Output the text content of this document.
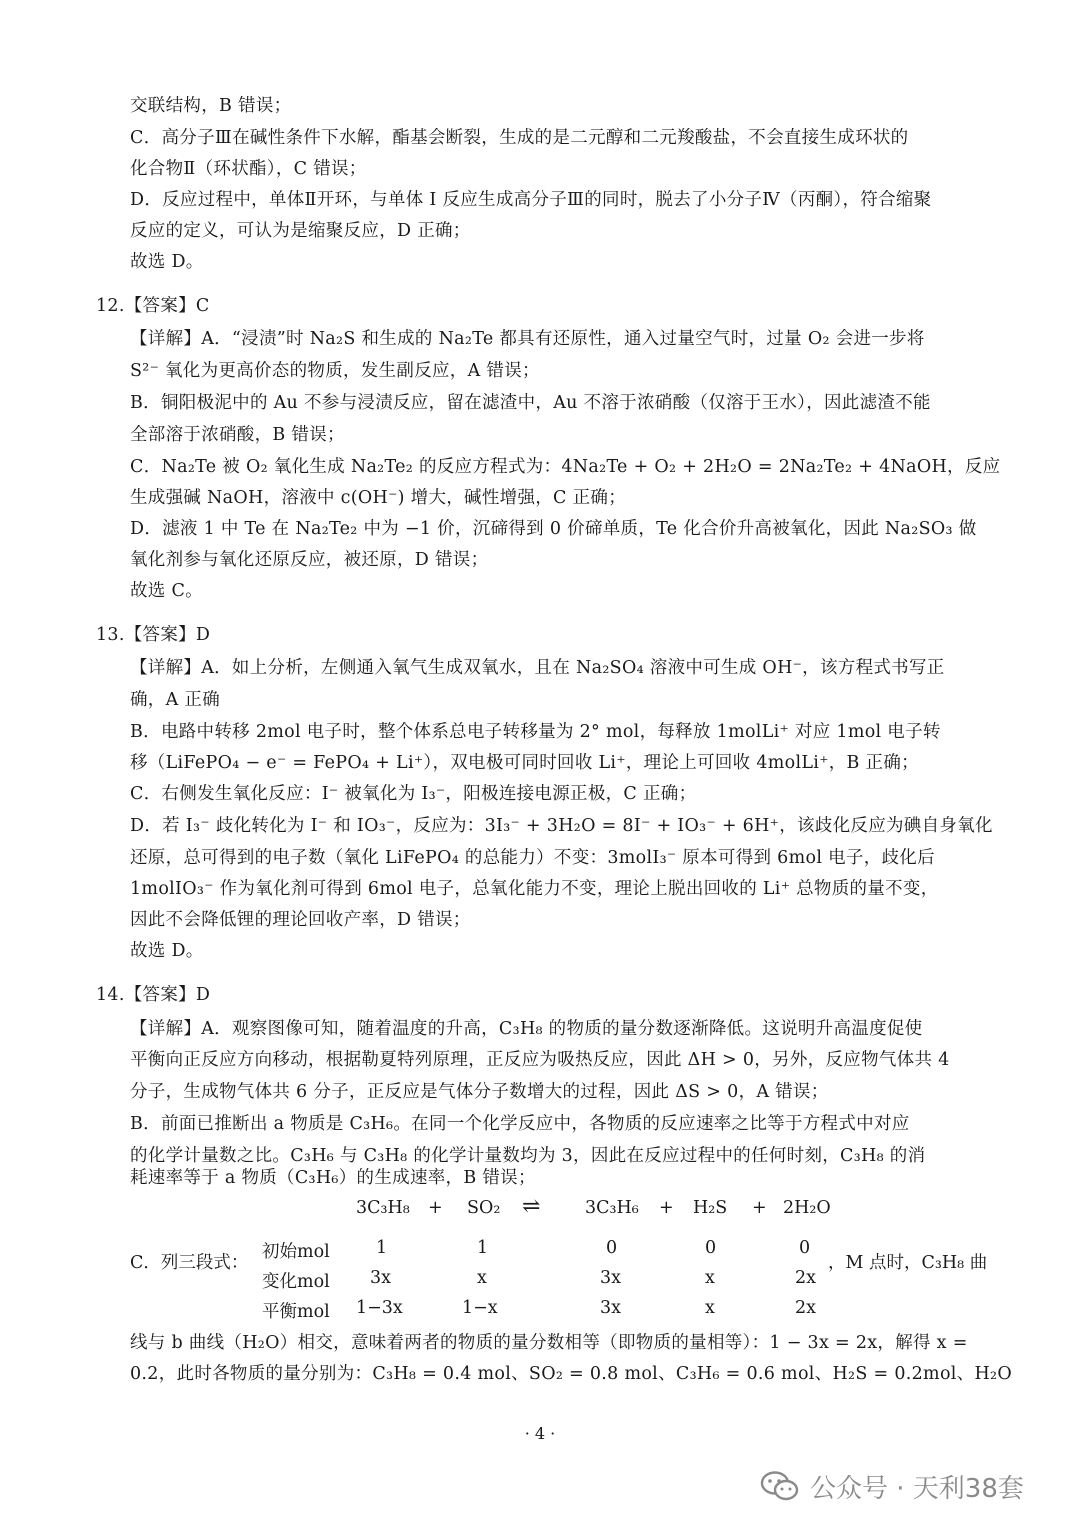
交联结构，B 错误；
C．高分子Ⅲ在碱性条件下水解，酯基会断裂，生成的是二元醇和二元羧酸盐，不会直接生成环状的
化合物Ⅱ（环状酯），C 错误；
D．反应过程中，单体Ⅱ开环，与单体 I 反应生成高分子Ⅲ的同时，脱去了小分子Ⅳ（丙酮），符合缩聚
反应的定义，可认为是缩聚反应，D 正确；
故选 D。
12.【答案】C
【详解】A．“浸渍”时 Na₂S 和生成的 Na₂Te 都具有还原性，通入过量空气时，过量 O₂ 会进一步将
S²⁻ 氧化为更高价态的物质，发生副反应，A 错误；
B．铜阳极泥中的 Au 不参与浸渍反应，留在滤渣中，Au 不溶于浓硝酸（仅溶于王水），因此滤渣不能
全部溶于浓硝酸，B 错误；
C．Na₂Te 被 O₂ 氧化生成 Na₂Te₂ 的反应方程式为：4Na₂Te + O₂ + 2H₂O = 2Na₂Te₂ + 4NaOH，反应
生成强碱 NaOH，溶液中 c(OH⁻) 增大，碱性增强，C 正确；
D．滤液 1 中 Te 在 Na₂Te₂ 中为 −1 价，沉碲得到 0 价碲单质，Te 化合价升高被氧化，因此 Na₂SO₃ 做
氧化剂参与氧化还原反应，被还原，D 错误；
故选 C。
13.【答案】D
【详解】A．如上分析，左侧通入氧气生成双氧水，且在 Na₂SO₄ 溶液中可生成 OH⁻，该方程式书写正
确，A 正确
B．电路中转移 2mol 电子时，整个体系总电子转移量为 2° mol，每释放 1molLi⁺ 对应 1mol 电子转
移（LiFePO₄ − e⁻ = FePO₄ + Li⁺），双电极可同时回收 Li⁺，理论上可回收 4molLi⁺，B 正确；
C．右侧发生氧化反应：I⁻ 被氧化为 I₃⁻，阳极连接电源正极，C 正确；
D．若 I₃⁻ 歧化转化为 I⁻ 和 IO₃⁻，反应为：3I₃⁻ + 3H₂O = 8I⁻ + IO₃⁻ + 6H⁺，该歧化反应为碘自身氧化
还原，总可得到的电子数（氧化 LiFePO₄ 的总能力）不变：3molI₃⁻ 原本可得到 6mol 电子，歧化后
1molIO₃⁻ 作为氧化剂可得到 6mol 电子，总氧化能力不变，理论上脱出回收的 Li⁺ 总物质的量不变，
因此不会降低锂的理论回收产率，D 错误；
故选 D。
14.【答案】D
【详解】A．观察图像可知，随着温度的升高，C₃H₈ 的物质的量分数逐渐降低。这说明升高温度促使
平衡向正反应方向移动，根据勒夏特列原理，正反应为吸热反应，因此 ΔH > 0，另外，反应物气体共 4
分子，生成物气体共 6 分子，正反应是气体分子数增大的过程，因此 ΔS > 0，A 错误；
B．前面已推断出 a 物质是 C₃H₆。在同一个化学反应中，各物质的反应速率之比等于方程式中对应
的化学计量数之比。C₃H₆ 与 C₃H₈ 的化学计量数均为 3，因此在反应过程中的任何时刻，C₃H₈ 的消
耗速率等于 a 物质（C₃H₆）的生成速率，B 错误；
3C₃H₈ + SO₂ ⇌	3C₃H₆ + H₂S + 2H₂O
C．列三段式：
初始mol	1	1	0	0	0
变化mol 3x	x	3x	x	2x
平衡mol 1−3x	1−x	3x	x	2x
，M 点时，C₃H₈ 曲
线与 b 曲线（H₂O）相交，意味着两者的物质的量分数相等（即物质的量相等）：1 − 3x = 2x，解得 x =
0.2，此时各物质的量分别为：C₃H₈ = 0.4 mol、SO₂ = 0.8 mol、C₃H₆ = 0.6 mol、H₂S = 0.2mol、H₂O
· 4 ·
公众号 · 天利38套
